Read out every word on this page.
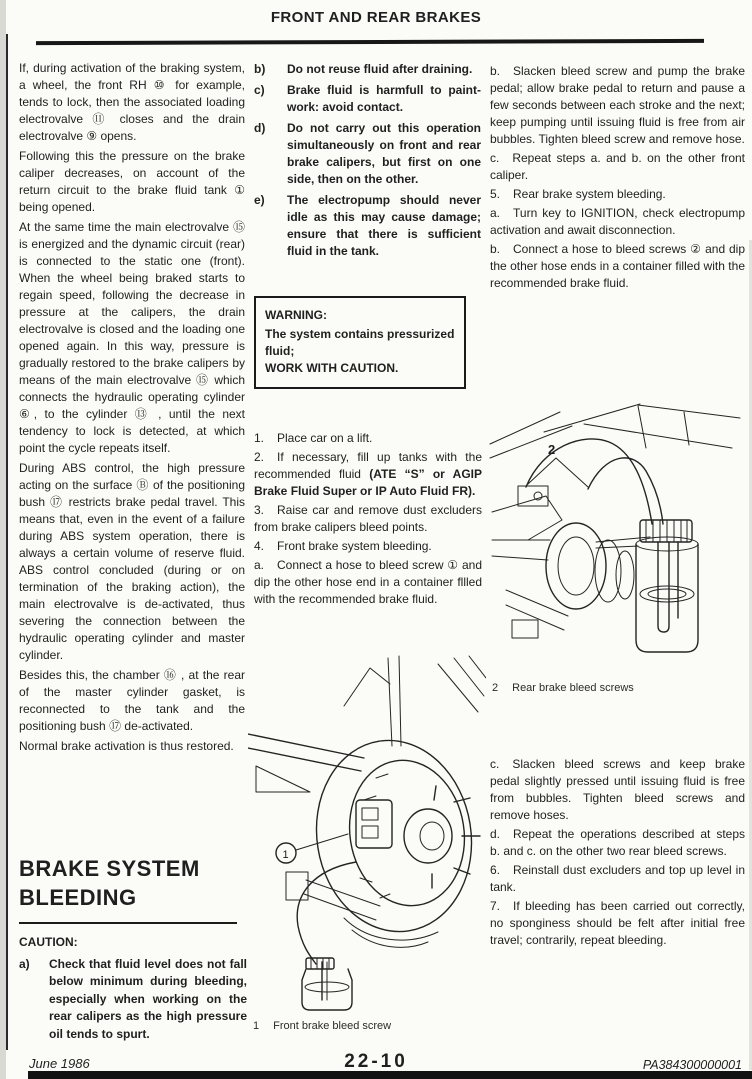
FRONT AND REAR BRAKES

If, during activation of the braking system, a wheel, the front RH ⑩ for example, tends to lock, then the associated loading electrovalve ⑪ closes and the drain electrovalve ⑨ opens.

Following this the pressure on the brake caliper decreases, on account of the return circuit to the brake fluid tank ① being opened.

At the same time the main electrovalve ⑮ is energized and the dynamic circuit (rear) is connected to the static one (front). When the wheel being braked starts to regain speed, following the decrease in pressure at the calipers, the drain electrovalve is closed and the loading one opened again. In this way, pressure is gradually restored to the brake calipers by means of the main electrovalve ⑮ which connects the hydraulic operating cylinder ⑥, to the cylinder ⑬ , until the next tendency to lock is detected, at which point the cycle repeats itself.

During ABS control, the high pressure acting on the surface Ⓑ of the positioning bush ⑰ restricts brake pedal travel. This means that, even in the event of a failure during ABS system operation, there is always a certain volume of reserve fluid. ABS control concluded (during or on termination of the braking action), the main electrovalve is de-activated, thus severing the connection between the hydraulic operating cylinder and master cylinder.

Besides this, the chamber ⑯ , at the rear of the master cylinder gasket, is reconnected to the tank and the positioning bush ⑰ de-activated.

Normal brake activation is thus restored.

BRAKE SYSTEM BLEEDING

CAUTION:

a) Check that fluid level does not fall below minimum during bleeding, especially when working on the rear calipers as the high pressure oil tends to spurt.
b) Do not reuse fluid after draining.
c) Brake fluid is harmfull to paintwork: avoid contact.
d) Do not carry out this operation simultaneously on front and rear brake calipers, but first on one side, then on the other.
e) The electropump should never idle as this may cause damage; ensure that there is sufficient fluid in the tank.
WARNING:
The system contains pressurized fluid;
WORK WITH CAUTION.

1. Place car on a lift.

2. If necessary, fill up tanks with the recommended fluid (ATE “S” or AGIP Brake Fluid Super or IP Auto Fluid FR).

3. Raise car and remove dust excluders from brake calipers bleed points.

4. Front brake system bleeding.

a. Connect a hose to bleed screw ① and dip the other hose end in a container fllled with the recommended brake fluid.

b. Slacken bleed screw and pump the brake pedal; allow brake pedal to return and pause a few seconds between each stroke and the next; keep pumping until issuing fluid is free from air bubbles. Tighten bleed screw and remove hose.

c. Repeat steps a. and b. on the other front caliper.

5. Rear brake system bleeding.

a. Turn key to IGNITION, check electropump activation and await disconnection.

b. Connect a hose to bleed screws ② and dip the other hose ends in a container filled with the recommended brake fluid.

2
2 Rear brake bleed screws

c. Slacken bleed screws and keep brake pedal slightly pressed until issuing fluid is free from bubbles. Tighten bleed screws and remove hoses.

d. Repeat the operations described at steps b. and c. on the other two rear bleed screws.

6. Reinstall dust excluders and top up level in tank.

7. If bleeding has been carried out correctly, no sponginess should be felt after initial free travel; contrarily, repeat bleeding.

1
1 Front brake bleed screw
June 1986	22-10	PA384300000001
